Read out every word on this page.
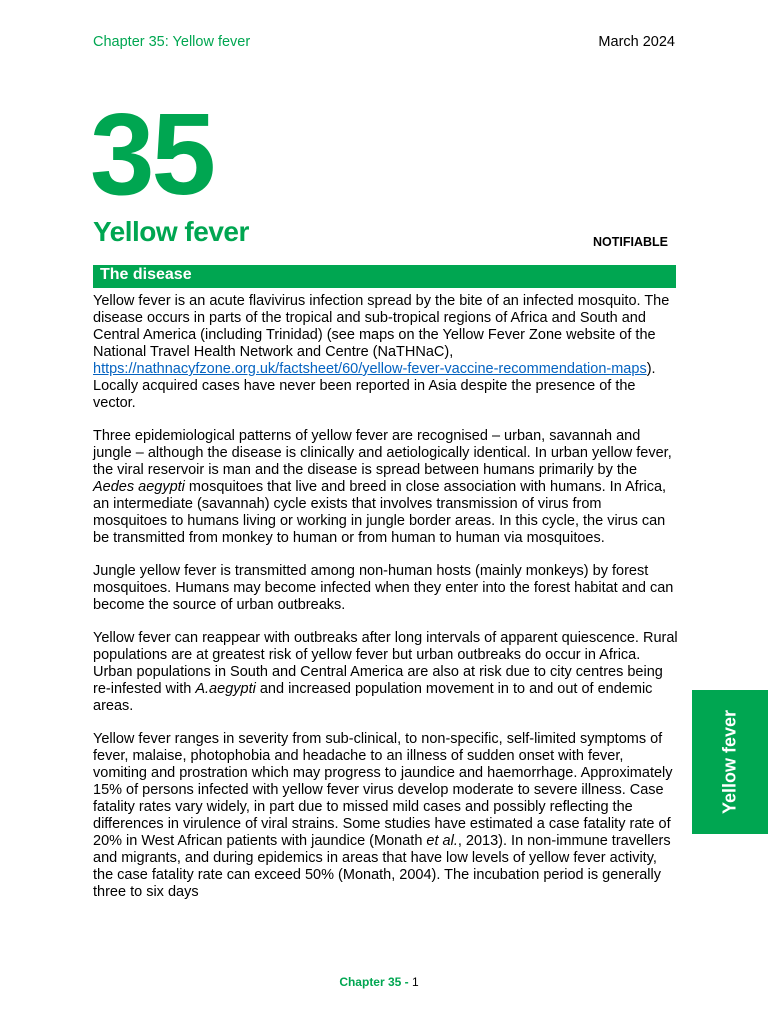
Chapter 35: Yellow fever	March 2024
35
Yellow fever	NOTIFIABLE
The disease

Yellow fever is an acute flavivirus infection spread by the bite of an infected mosquito. The disease occurs in parts of the tropical and sub-tropical regions of Africa and South and Central America (including Trinidad) (see maps on the Yellow Fever Zone website of the National Travel Health Network and Centre (NaTHNaC), https://nathnacyfzone.org.uk/factsheet/60/yellow-fever-vaccine-recommendation-maps). Locally acquired cases have never been reported in Asia despite the presence of the vector.

Three epidemiological patterns of yellow fever are recognised – urban, savannah and jungle – although the disease is clinically and aetiologically identical. In urban yellow fever, the viral reservoir is man and the disease is spread between humans primarily by the Aedes aegypti mosquitoes that live and breed in close association with humans. In Africa, an intermediate (savannah) cycle exists that involves transmission of virus from mosquitoes to humans living or working in jungle border areas. In this cycle, the virus can be transmitted from monkey to human or from human to human via mosquitoes.

Jungle yellow fever is transmitted among non-human hosts (mainly monkeys) by forest mosquitoes. Humans may become infected when they enter into the forest habitat and can become the source of urban outbreaks.

Yellow fever can reappear with outbreaks after long intervals of apparent quiescence. Rural populations are at greatest risk of yellow fever but urban outbreaks do occur in Africa. Urban populations in South and Central America are also at risk due to city centres being re-infested with A.aegypti and increased population movement in to and out of endemic areas.

Yellow fever ranges in severity from sub-clinical, to non-specific, self-limited symptoms of fever, malaise, photophobia and headache to an illness of sudden onset with fever, vomiting and prostration which may progress to jaundice and haemorrhage. Approximately 15% of persons infected with yellow fever virus develop moderate to severe illness. Case fatality rates vary widely, in part due to missed mild cases and possibly reflecting the differences in virulence of viral strains. Some studies have estimated a case fatality rate of 20% in West African patients with jaundice (Monath et al., 2013). In non-immune travellers and migrants, and during epidemics in areas that have low levels of yellow fever activity, the case fatality rate can exceed 50% (Monath, 2004). The incubation period is generally three to six days

Yellow fever
Chapter 35 - 1
